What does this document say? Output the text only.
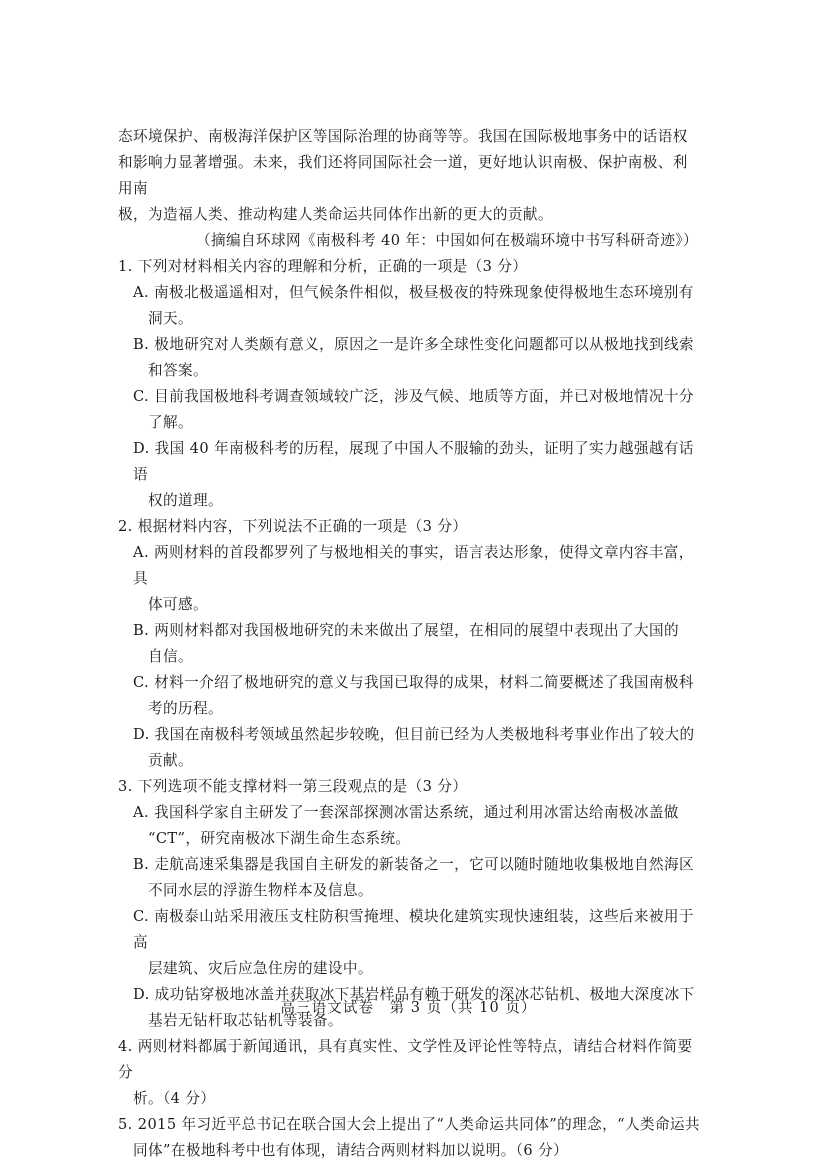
态环境保护、南极海洋保护区等国际治理的协商等等。我国在国际极地事务中的话语权
和影响力显著增强。未来，我们还将同国际社会一道，更好地认识南极、保护南极、利用南
极，为造福人类、推动构建人类命运共同体作出新的更大的贡献。

（摘编自环球网《南极科考 40 年：中国如何在极端环境中书写科研奇迹》）

1. 下列对材料相关内容的理解和分析，正确的一项是（3 分）

A. 南极北极遥遥相对，但气候条件相似，极昼极夜的特殊现象使得极地生态环境别有
洞天。

B. 极地研究对人类颇有意义，原因之一是许多全球性变化问题都可以从极地找到线索
和答案。

C. 目前我国极地科考调查领域较广泛，涉及气候、地质等方面，并已对极地情况十分
了解。

D. 我国 40 年南极科考的历程，展现了中国人不服输的劲头，证明了实力越强越有话语
权的道理。

2. 根据材料内容，下列说法不正确的一项是（3 分）

A. 两则材料的首段都罗列了与极地相关的事实，语言表达形象，使得文章内容丰富，具
体可感。

B. 两则材料都对我国极地研究的未来做出了展望，在相同的展望中表现出了大国的
自信。

C. 材料一介绍了极地研究的意义与我国已取得的成果，材料二简要概述了我国南极科
考的历程。

D. 我国在南极科考领域虽然起步较晚，但目前已经为人类极地科考事业作出了较大的
贡献。

3. 下列选项不能支撑材料一第三段观点的是（3 分）

A. 我国科学家自主研发了一套深部探测冰雷达系统，通过利用冰雷达给南极冰盖做
“CT”，研究南极冰下湖生命生态系统。

B. 走航高速采集器是我国自主研发的新装备之一，它可以随时随地收集极地自然海区
不同水层的浮游生物样本及信息。

C. 南极泰山站采用液压支柱防积雪掩埋、模块化建筑实现快速组装，这些后来被用于高
层建筑、灾后应急住房的建设中。

D. 成功钻穿极地冰盖并获取冰下基岩样品有赖于研发的深冰芯钻机、极地大深度冰下
基岩无钻杆取芯钻机等装备。

4. 两则材料都属于新闻通讯，具有真实性、文学性及评论性等特点，请结合材料作简要分
析。（4 分）

5. 2015 年习近平总书记在联合国大会上提出了“人类命运共同体”的理念，“人类命运共
同体”在极地科考中也有体现，请结合两则材料加以说明。（6 分）

高三语文试卷　第 3 页（共 10 页）
